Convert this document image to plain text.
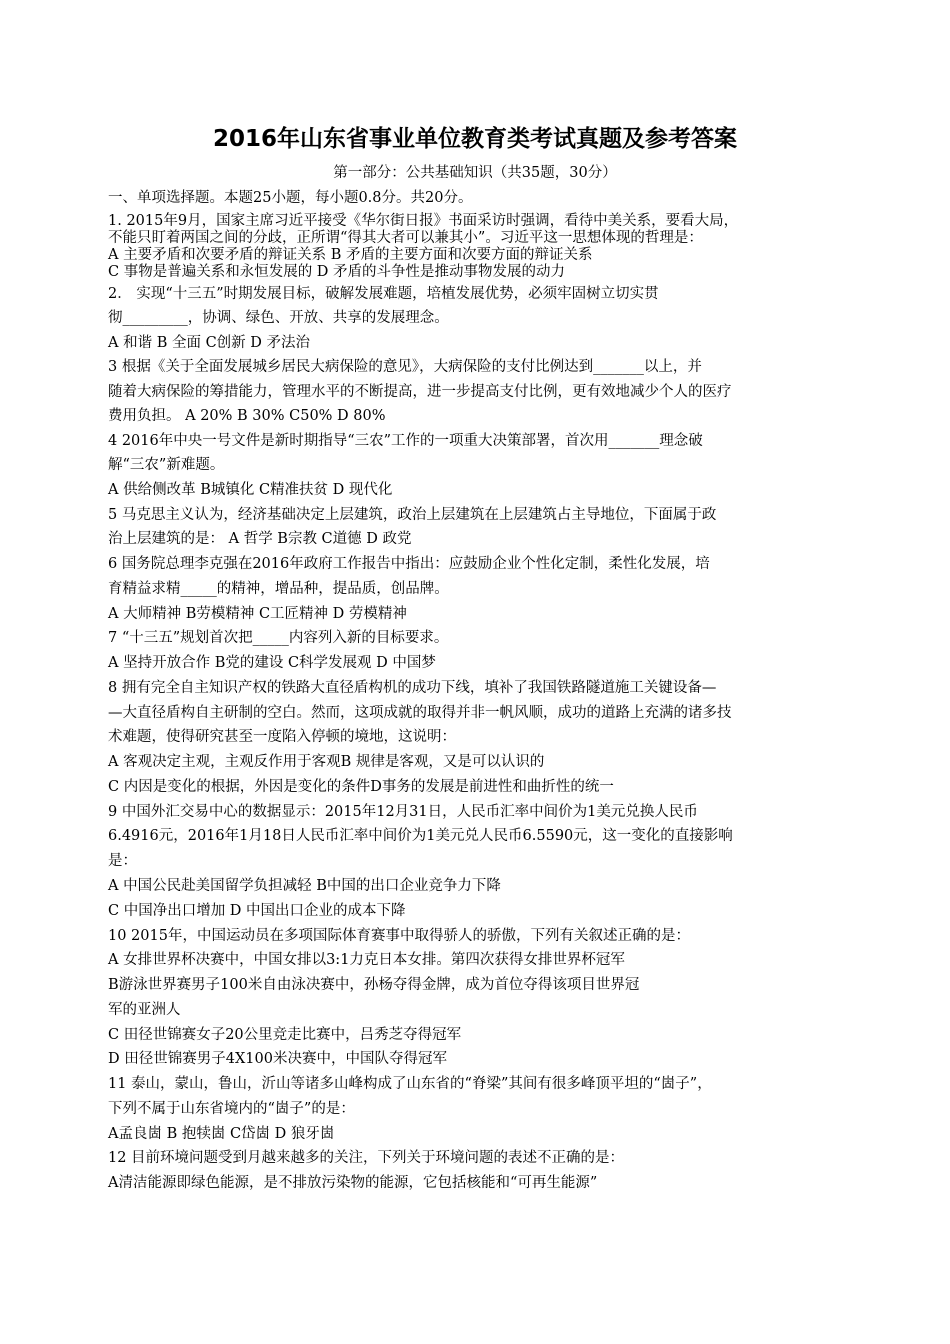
2016年山东省事业单位教育类考试真题及参考答案
第一部分：公共基础知识（共35题，30分）
一、单项选择题。本题25小题，每小题0.8分。共20分。
1. 2015年9月，国家主席习近平接受《华尔街日报》书面采访时强调，看待中美关系，要看大局，
不能只盯着两国之间的分歧，正所谓“得其大者可以兼其小”。习近平这一思想体现的哲理是：
A 主要矛盾和次要矛盾的辩证关系 B 矛盾的主要方面和次要方面的辩证关系
C 事物是普遍关系和永恒发展的 D 矛盾的斗争性是推动事物发展的动力
2． 实现“十三五”时期发展目标，破解发展难题，培植发展优势，必须牢固树立切实贯
彻_________，协调、绿色、开放、共享的发展理念。
A 和谐 B 全面 C创新 D 矛法治
3 根据《关于全面发展城乡居民大病保险的意见》，大病保险的支付比例达到_______以上，并
随着大病保险的筹措能力，管理水平的不断提高，进一步提高支付比例，更有效地减少个人的医疗
费用负担。 A 20% B 30% C50% D 80%
4 2016年中央一号文件是新时期指导“三农”工作的一项重大决策部署，首次用_______理念破
解“三农”新难题。
A 供给侧改革 B城镇化 C精准扶贫 D 现代化
5 马克思主义认为，经济基础决定上层建筑，政治上层建筑在上层建筑占主导地位，下面属于政
治上层建筑的是： A 哲学 B宗教 C道德 D 政党
6 国务院总理李克强在2016年政府工作报告中指出：应鼓励企业个性化定制，柔性化发展，培
育精益求精_____的精神，增品种，提品质，创品牌。
A 大师精神 B劳模精神 C工匠精神 D 劳模精神
7 “十三五”规划首次把_____内容列入新的目标要求。
A 坚持开放合作 B党的建设 C科学发展观 D 中国梦
8 拥有完全自主知识产权的铁路大直径盾构机的成功下线，填补了我国铁路隧道施工关键设备—
—大直径盾构自主研制的空白。然而，这项成就的取得并非一帆风顺，成功的道路上充满的诸多技
术难题，使得研究甚至一度陷入停顿的境地，这说明：
A 客观决定主观，主观反作用于客观B 规律是客观，又是可以认识的
C 内因是变化的根据，外因是变化的条件D事务的发展是前进性和曲折性的统一
9 中国外汇交易中心的数据显示：2015年12月31日，人民币汇率中间价为1美元兑换人民币
6.4916元，2016年1月18日人民币汇率中间价为1美元兑人民币6.5590元，这一变化的直接影响
是：
A 中国公民赴美国留学负担减轻 B中国的出口企业竞争力下降
C 中国净出口增加 D 中国出口企业的成本下降
10 2015年，中国运动员在多项国际体育赛事中取得骄人的骄傲，下列有关叙述正确的是：
A 女排世界杯决赛中，中国女排以3:1力克日本女排。第四次获得女排世界杯冠军
B游泳世界赛男子100米自由泳决赛中，孙杨夺得金牌，成为首位夺得该项目世界冠
军的亚洲人
C 田径世锦赛女子20公里竞走比赛中，吕秀芝夺得冠军
D 田径世锦赛男子4X100米决赛中，中国队夺得冠军
11 泰山，蒙山，鲁山，沂山等诸多山峰构成了山东省的“脊梁”其间有很多峰顶平坦的“崮子”，
下列不属于山东省境内的“崮子”的是：
A孟良崮 B 抱犊崮 C岱崮 D 狼牙崮
12 目前环境问题受到月越来越多的关注，下列关于环境问题的表述不正确的是：
A清洁能源即绿色能源，是不排放污染物的能源，它包括核能和“可再生能源”
